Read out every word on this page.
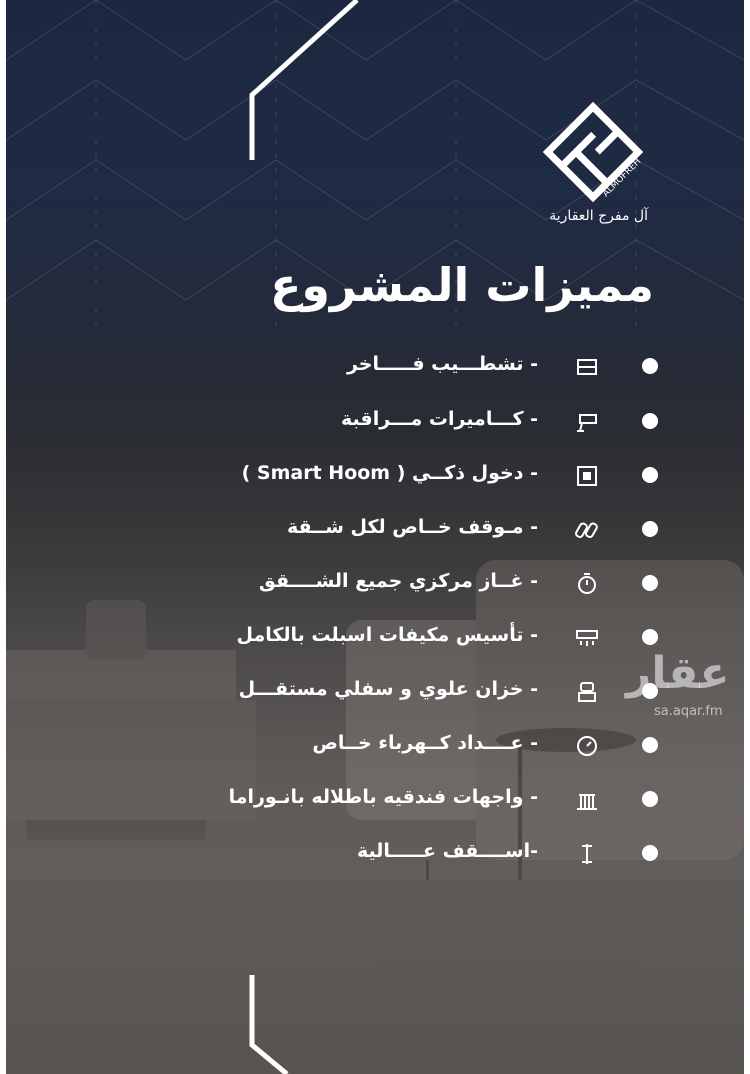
ALMOFREH
آل مفرج العقارية
مميزات المشروع
- تشطـــيب فـــــاخر
- كـــاميرات مـــراقبة
- دخول ذكــي ( Smart Hoom )
- مـوقف خــاص لكل شــقة
- غــاز مركزي جميع الشــــقق
- تأسيس مكيفات اسبلت بالكامل
- خزان علوي و سفلي مستقـــل
- عــــداد كــهرباء خــاص
- واجهات فندقيه باطلاله بانـوراما
-اســــقف عـــــالية
عقار
sa.aqar.fm
